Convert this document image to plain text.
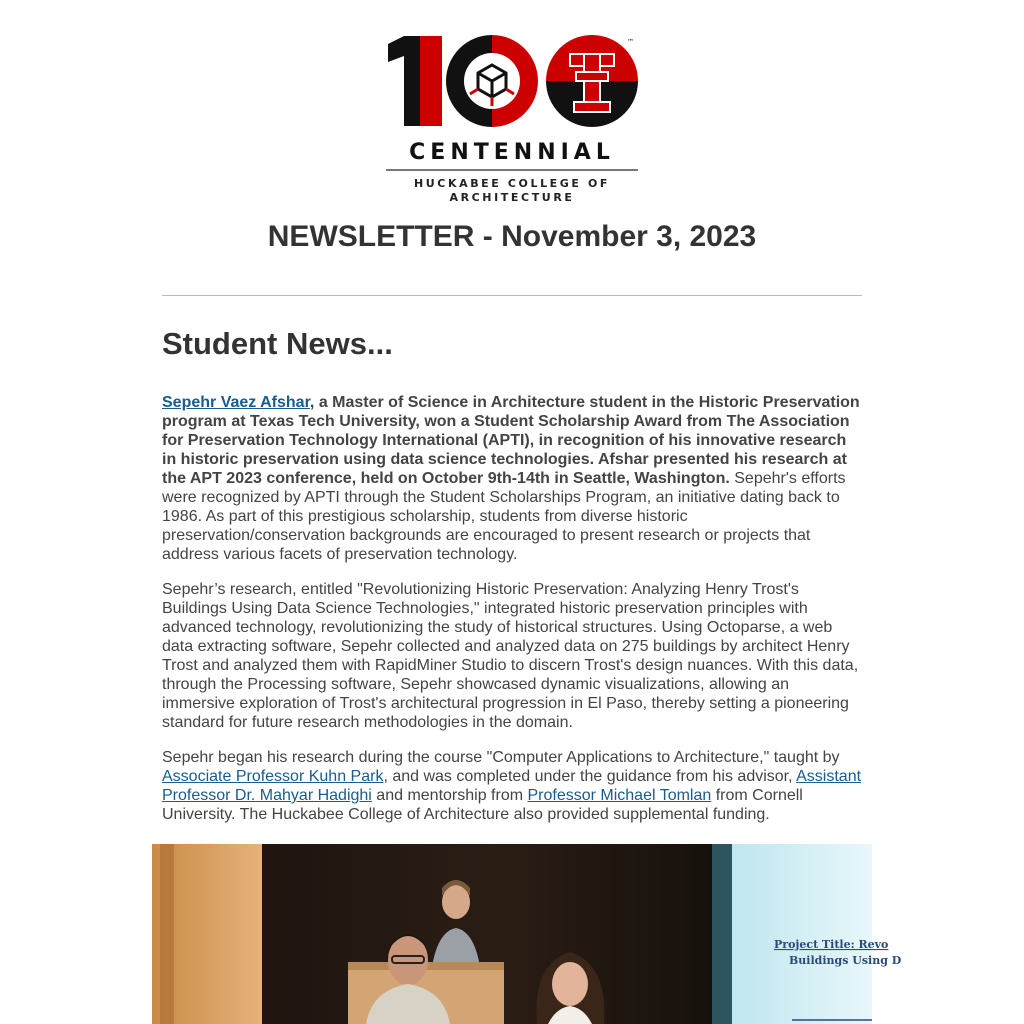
™
CENTENNIAL
HUCKABEE COLLEGE OF
ARCHITECTURE
NEWSLETTER - November 3, 2023
Student News...

Sepehr Vaez Afshar, a Master of Science in Architecture student in the Historic Preservation program at Texas Tech University, won a Student Scholarship Award from The Association for Preservation Technology International (APTI), in recognition of his innovative research in historic preservation using data science technologies. Afshar presented his research at the APT 2023 conference, held on October 9th-14th in Seattle, Washington. Sepehr's efforts were recognized by APTI through the Student Scholarships Program, an initiative dating back to 1986. As part of this prestigious scholarship, students from diverse historic preservation/conservation backgrounds are encouraged to present research or projects that address various facets of preservation technology.

Sepehr’s research, entitled "Revolutionizing Historic Preservation: Analyzing Henry Trost's Buildings Using Data Science Technologies," integrated historic preservation principles with advanced technology, revolutionizing the study of historical structures. Using Octoparse, a web data extracting software, Sepehr collected and analyzed data on 275 buildings by architect Henry Trost and analyzed them with RapidMiner Studio to discern Trost's design nuances. With this data, through the Processing software, Sepehr showcased dynamic visualizations, allowing an immersive exploration of Trost's architectural progression in El Paso, thereby setting a pioneering standard for future research methodologies in the domain.

Sepehr began his research during the course "Computer Applications to Architecture," taught by Associate Professor Kuhn Park, and was completed under the guidance from his advisor, Assistant Professor Dr. Mahyar Hadighi and mentorship from Professor Michael Tomlan from Cornell University. The Huckabee College of Architecture also provided supplemental funding.

Project Title: Revo
Buildings Using D
